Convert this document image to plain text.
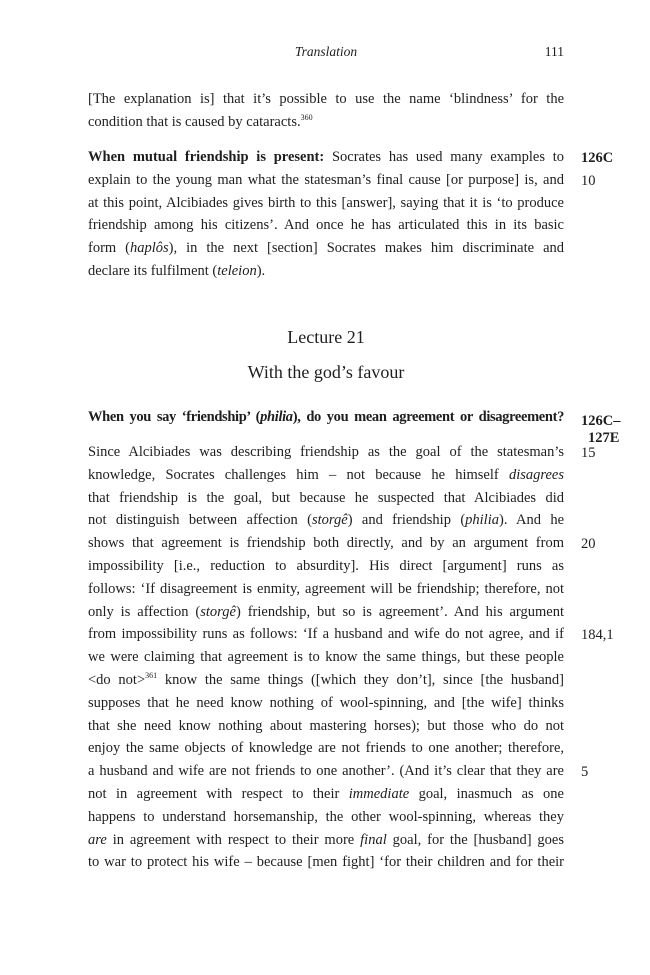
Translation	111

[The explanation is] that it’s possible to use the name ‘blindness’ for the
condition that is caused by cataracts.$^{360}$

When mutual friendship is present: Socrates has used many examples to
explain to the young man what the statesman’s final cause [or purpose] is, and
at this point, Alcibiades gives birth to this [answer], saying that it is ‘to produce
friendship among his citizens’. And once he has articulated this in its basic
form (haplôs), in the next [section] Socrates makes him discriminate and
declare its fulfilment (teleion).

126C
10
Lecture 21
With the god’s favour
When you say ‘friendship’ (philia), do you mean agreement or disagreement? 126C–
127E

Since Alcibiades was describing friendship as the goal of the statesman’s
knowledge, Socrates challenges him – not because he himself disagrees
that friendship is the goal, but because he suspected that Alcibiades did
not distinguish between affection (storgê) and friendship (philia). And he
shows that agreement is friendship both directly, and by an argument from
impossibility [i.e., reduction to absurdity]. His direct [argument] runs as
follows: ‘If disagreement is enmity, agreement will be friendship; therefore, not
only is affection (storgê) friendship, but so is agreement’. And his argument
from impossibility runs as follows: ‘If a husband and wife do not agree, and if
we were claiming that agreement is to know the same things, but these people
<do not>$^{361}$ know the same things ([which they don’t], since [the husband]
supposes that he need know nothing of wool-spinning, and [the wife] thinks
that she need know nothing about mastering horses); but those who do not
enjoy the same objects of knowledge are not friends to one another; therefore,
a husband and wife are not friends to one another’. (And it’s clear that they are
not in agreement with respect to their immediate goal, inasmuch as one
happens to understand horsemanship, the other wool-spinning, whereas they
are in agreement with respect to their more final goal, for the [husband] goes
to war to protect his wife – because [men fight] ‘for their children and for their

15
20
184,1
5
